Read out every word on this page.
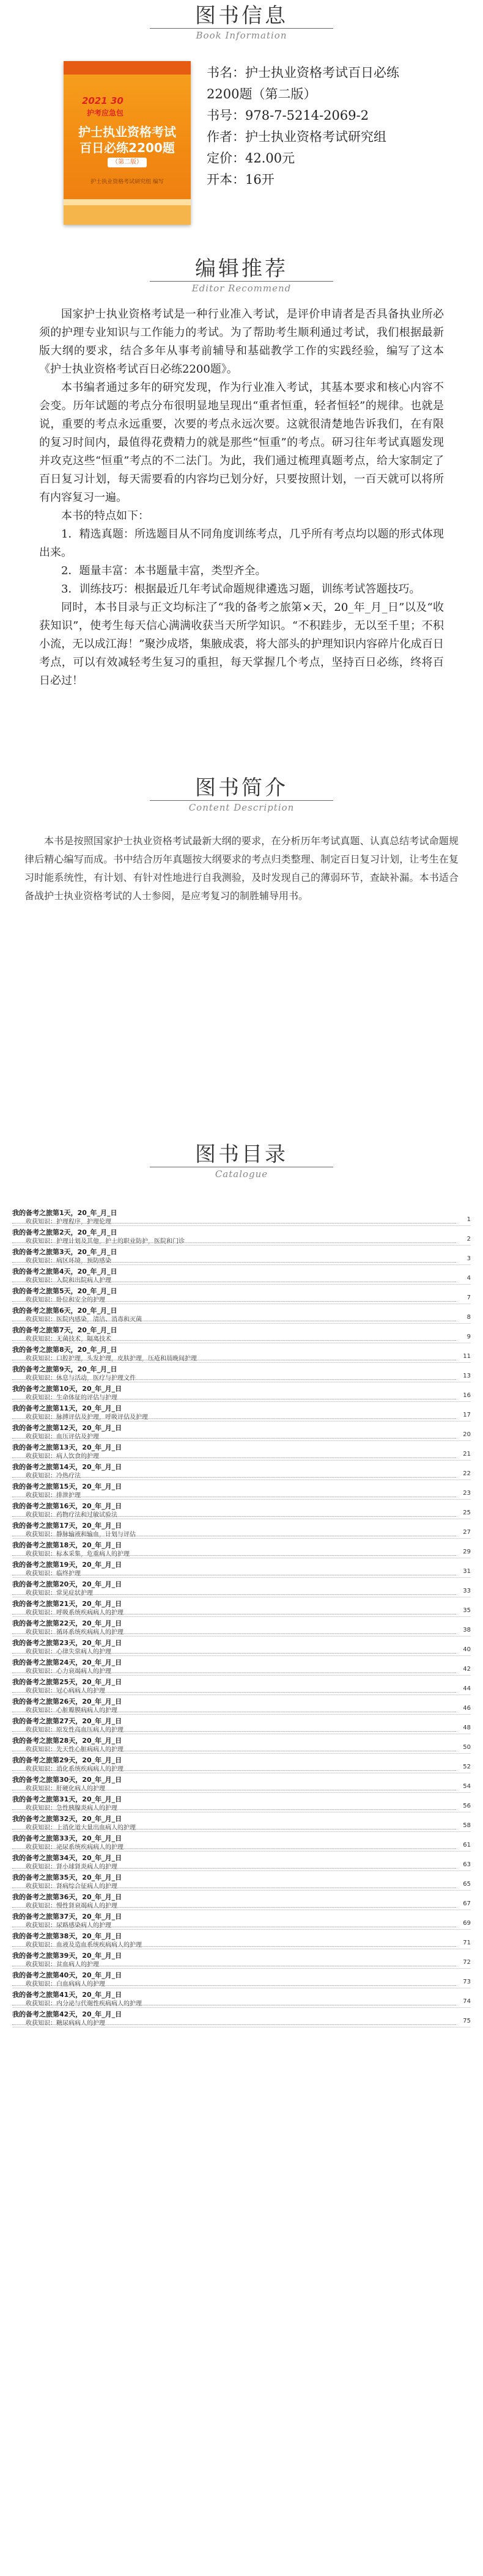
图书信息
Book Information
2021 30
护考应急包
护士执业资格考试
百日必练2200题
（第二版）
护士执业资格考试研究组 编写
书名：护士执业资格考试百日必练
2200题（第二版）
书号：978-7-5214-2069-2
作者：护士执业资格考试研究组
定价：42.00元
开本：16开
编辑推荐
Editor Recommend

国家护士执业资格考试是一种行业准入考试，是评价申请者是否具备执业所必须的护理专业知识与工作能力的考试。为了帮助考生顺利通过考试，我们根据最新版大纲的要求，结合多年从事考前辅导和基础教学工作的实践经验，编写了这本《护士执业资格考试百日必练2200题》。

本书编者通过多年的研究发现，作为行业准入考试，其基本要求和核心内容不会变。历年试题的考点分布很明显地呈现出“重者恒重，轻者恒轻”的规律。也就是说，重要的考点永远重要，次要的考点永远次要。这就很清楚地告诉我们，在有限的复习时间内，最值得花费精力的就是那些“恒重”的考点。研习往年考试真题发现并攻克这些“恒重”考点的不二法门。为此，我们通过梳理真题考点，给大家制定了百日复习计划，每天需要看的内容均已划分好，只要按照计划，一百天就可以将所有内容复习一遍。

本书的特点如下：

1．精选真题：所选题目从不同角度训练考点，几乎所有考点均以题的形式体现出来。

2．题量丰富：本书题量丰富，类型齐全。

3．训练技巧：根据最近几年考试命题规律遴选习题，训练考试答题技巧。

同时，本书目录与正文均标注了“我的备考之旅第×天，20_年_月_日”以及“收获知识”，使考生每天信心满满收获当天所学知识。“不积跬步，无以至千里；不积小流，无以成江海！”聚沙成塔，集腋成裘，将大部头的护理知识内容碎片化成百日考点，可以有效减轻考生复习的重担，每天掌握几个考点，坚持百日必练，终将百日必过！

图书简介
Content Description

本书是按照国家护士执业资格考试最新大纲的要求，在分析历年考试真题、认真总结考试命题规律后精心编写而成。书中结合历年真题按大纲要求的考点归类整理、制定百日复习计划，让考生在复习时能系统性，有计划、有针对性地进行自我测验，及时发现自己的薄弱环节，查缺补漏。本书适合备战护士执业资格考试的人士参阅，是应考复习的制胜辅导用书。

图书目录
Catalogue
我的备考之旅第1天，20_年_月_日
收获知识：护理程序，护理伦理	1
我的备考之旅第2天，20_年_月_日
收获知识：护理计划及其他，护士的职业防护，医院和门诊	2
我的备考之旅第3天，20_年_月_日
收获知识：病区环境，预防感染	3
我的备考之旅第4天，20_年_月_日
收获知识：入院和出院病人护理	4
我的备考之旅第5天，20_年_月_日
收获知识：卧位和安全的护理	7
我的备考之旅第6天，20_年_月_日
收获知识：医院内感染，清洁、消毒和灭菌	8
我的备考之旅第7天，20_年_月_日
收获知识：无菌技术，隔离技术	9
我的备考之旅第8天，20_年_月_日
收获知识：口腔护理，头发护理，皮肤护理，压疮和晨晚间护理	11
我的备考之旅第9天，20_年_月_日
收获知识：休息与活动，医疗与护理文件	13
我的备考之旅第10天，20_年_月_日
收获知识：生命体征的评估与护理	16
我的备考之旅第11天，20_年_月_日
收获知识：脉搏评估及护理，呼吸评估及护理	17
我的备考之旅第12天，20_年_月_日
收获知识：血压评估及护理	20
我的备考之旅第13天，20_年_月_日
收获知识：病人饮食的护理	21
我的备考之旅第14天，20_年_月_日
收获知识：冷热疗法	22
我的备考之旅第15天，20_年_月_日
收获知识：排泄护理	23
我的备考之旅第16天，20_年_月_日
收获知识：药物疗法和过敏试验法	25
我的备考之旅第17天，20_年_月_日
收获知识：静脉输液和输血，计划与评估	27
我的备考之旅第18天，20_年_月_日
收获知识：标本采集，危重病人的护理	29
我的备考之旅第19天，20_年_月_日
收获知识：临终护理	31
我的备考之旅第20天，20_年_月_日
收获知识：常见症状护理	33
我的备考之旅第21天，20_年_月_日
收获知识：呼吸系统疾病病人的护理	35
我的备考之旅第22天，20_年_月_日
收获知识：循环系统疾病病人的护理	38
我的备考之旅第23天，20_年_月_日
收获知识：心律失常病人的护理	40
我的备考之旅第24天，20_年_月_日
收获知识：心力衰竭病人的护理	42
我的备考之旅第25天，20_年_月_日
收获知识：冠心病病人的护理	44
我的备考之旅第26天，20_年_月_日
收获知识：心脏瓣膜病病人的护理	46
我的备考之旅第27天，20_年_月_日
收获知识：原发性高血压病人的护理	48
我的备考之旅第28天，20_年_月_日
收获知识：先天性心脏病病人的护理	50
我的备考之旅第29天，20_年_月_日
收获知识：消化系统疾病病人的护理	52
我的备考之旅第30天，20_年_月_日
收获知识：肝硬化病人的护理	54
我的备考之旅第31天，20_年_月_日
收获知识：急性胰腺炎病人的护理	56
我的备考之旅第32天，20_年_月_日
收获知识：上消化道大量出血病人的护理	58
我的备考之旅第33天，20_年_月_日
收获知识：泌尿系统疾病病人的护理	61
我的备考之旅第34天，20_年_月_日
收获知识：肾小球肾炎病人的护理	63
我的备考之旅第35天，20_年_月_日
收获知识：肾病综合征病人的护理	65
我的备考之旅第36天，20_年_月_日
收获知识：慢性肾衰竭病人的护理	67
我的备考之旅第37天，20_年_月_日
收获知识：尿路感染病人的护理	69
我的备考之旅第38天，20_年_月_日
收获知识：血液及造血系统疾病病人的护理	71
我的备考之旅第39天，20_年_月_日
收获知识：贫血病人的护理	72
我的备考之旅第40天，20_年_月_日
收获知识：白血病病人的护理	73
我的备考之旅第41天，20_年_月_日
收获知识：内分泌与代谢性疾病病人的护理	74
我的备考之旅第42天，20_年_月_日
收获知识：糖尿病病人的护理	75
